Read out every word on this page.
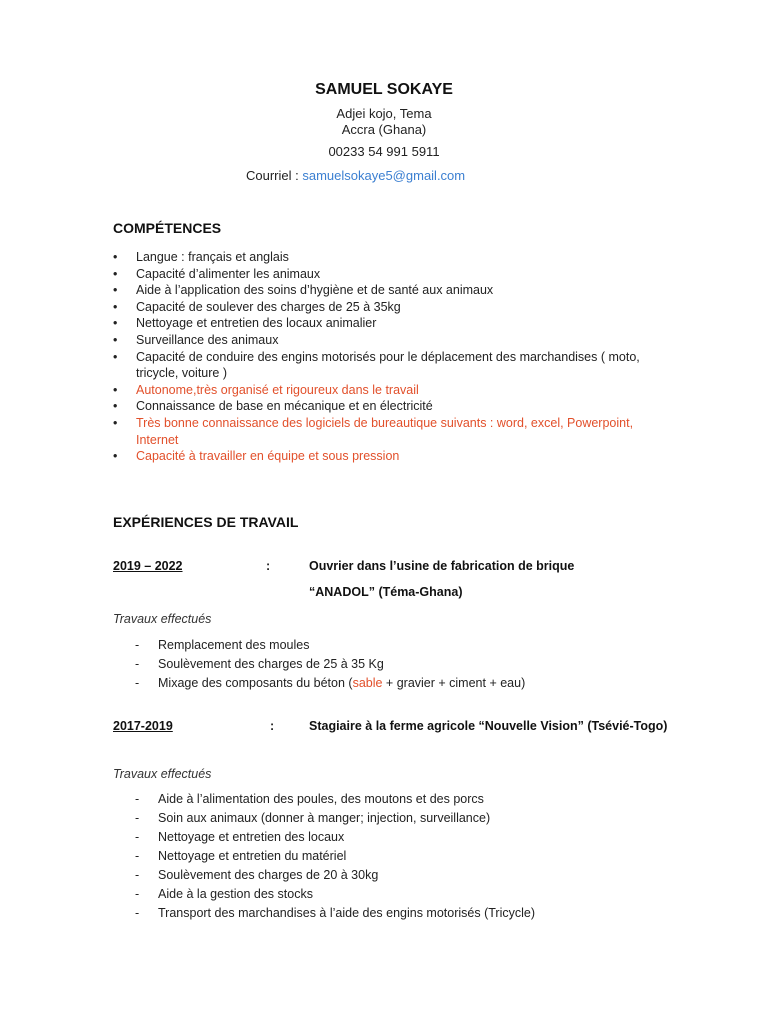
SAMUEL SOKAYE
Adjei kojo, Tema
Accra (Ghana)
00233 54 991 5911
Courriel : samuelsokaye5@gmail.com
COMPÉTENCES
• Langue : français et anglais
• Capacité d’alimenter les animaux
• Aide à l’application des soins d’hygiène et de santé aux animaux
• Capacité de soulever des charges de 25 à 35kg
• Nettoyage et entretien des locaux animalier
• Surveillance des animaux
• Capacité de conduire des engins motorisés pour le déplacement des marchandises ( moto, tricycle, voiture )
• Autonome,très organisé et rigoureux dans le travail
• Connaissance de base en mécanique et en électricité
• Très bonne connaissance des logiciels de bureautique suivants : word, excel, Powerpoint, Internet
• Capacité à travailler en équipe et sous pression
EXPÉRIENCES DE TRAVAIL
2019 – 2022	:	Ouvrier dans l’usine de fabrication de brique
“ANADOL” (Téma-Ghana)
Travaux effectués
- Remplacement des moules
- Soulèvement des charges de 25 à 35 Kg
- Mixage des composants du béton (sable + gravier + ciment + eau)
2017-2019	:	Stagiaire à la ferme agricole “Nouvelle Vision” (Tsévié-Togo)
Travaux effectués
- Aide à l’alimentation des poules, des moutons et des porcs
- Soin aux animaux (donner à manger; injection, surveillance)
- Nettoyage et entretien des locaux
- Nettoyage et entretien du matériel
- Soulèvement des charges de 20 à 30kg
- Aide à la gestion des stocks
- Transport des marchandises à l’aide des engins motorisés (Tricycle)
